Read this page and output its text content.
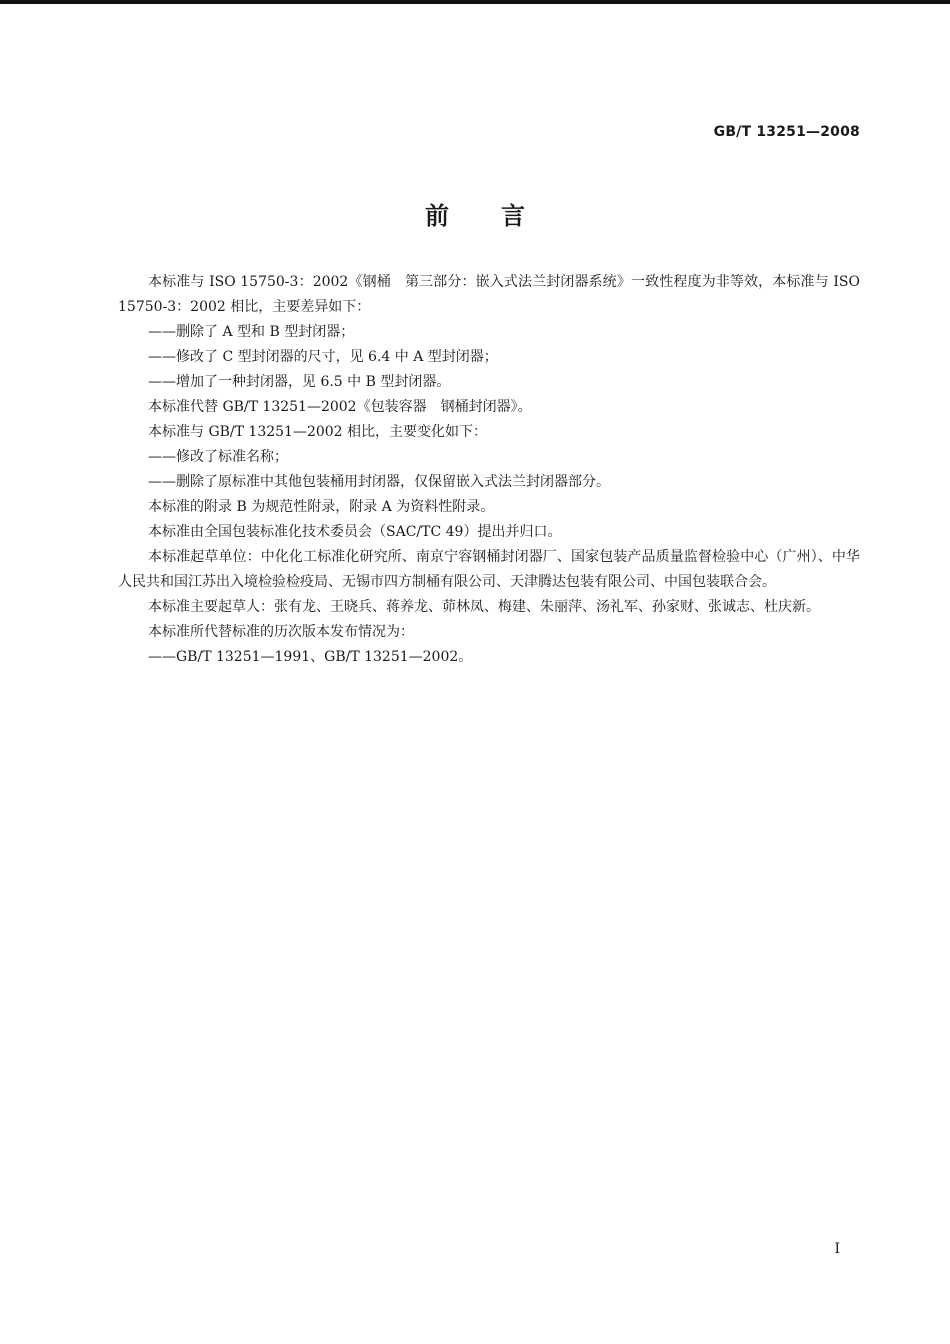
GB/T 13251—2008
前言

本标准与 ISO 15750-3：2002《钢桶　第三部分：嵌入式法兰封闭器系统》一致性程度为非等效，本标准与 ISO 15750-3：2002 相比，主要差异如下：

——删除了 A 型和 B 型封闭器；

——修改了 C 型封闭器的尺寸，见 6.4 中 A 型封闭器；

——增加了一种封闭器，见 6.5 中 B 型封闭器。

本标准代替 GB/T 13251—2002《包装容器　钢桶封闭器》。

本标准与 GB/T 13251—2002 相比，主要变化如下：

——修改了标准名称；

——删除了原标准中其他包装桶用封闭器，仅保留嵌入式法兰封闭器部分。

本标准的附录 B 为规范性附录，附录 A 为资料性附录。

本标准由全国包装标准化技术委员会（SAC/TC 49）提出并归口。

本标准起草单位：中化化工标准化研究所、南京宁容钢桶封闭器厂、国家包装产品质量监督检验中心（广州）、中华人民共和国江苏出入境检验检疫局、无锡市四方制桶有限公司、天津腾达包装有限公司、中国包装联合会。

本标准主要起草人：张有龙、王晓兵、蒋养龙、茆林凤、梅建、朱丽萍、汤礼军、孙家财、张诚志、杜庆新。

本标准所代替标准的历次版本发布情况为：

——GB/T 13251—1991、GB/T 13251—2002。

I
